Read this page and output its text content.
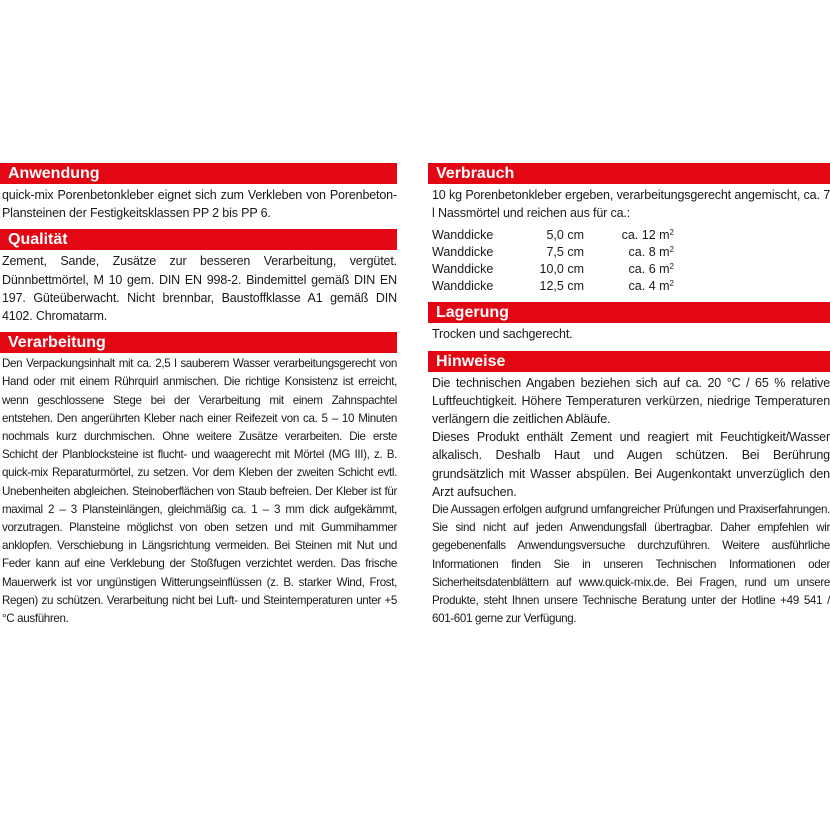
Anwendung

quick-mix Porenbetonkleber eignet sich zum Verkleben von Porenbeton-Plansteinen der Festigkeitsklassen PP 2 bis PP 6.

Qualität

Zement, Sande, Zusätze zur besseren Verarbeitung, vergütet. Dünnbettmörtel, M 10 gem. DIN EN 998-2. Bindemittel gemäß DIN EN 197. Güteüberwacht. Nicht brennbar, Baustoffklasse A1 gemäß DIN 4102. Chromatarm.

Verarbeitung

Den Verpackungsinhalt mit ca. 2,5 l sauberem Wasser verarbeitungsgerecht von Hand oder mit einem Rührquirl anmischen. Die richtige Konsistenz ist erreicht, wenn geschlossene Stege bei der Verarbeitung mit einem Zahnspachtel entstehen. Den angerührten Kleber nach einer Reifezeit von ca. 5 – 10 Minuten nochmals kurz durchmischen. Ohne weitere Zusätze verarbeiten. Die erste Schicht der Planblocksteine ist flucht- und waagerecht mit Mörtel (MG III), z. B. quick-mix Reparaturmörtel, zu setzen. Vor dem Kleben der zweiten Schicht evtl. Unebenheiten abgleichen. Steinoberflächen von Staub befreien. Der Kleber ist für maximal 2 – 3 Plansteinlängen, gleichmäßig ca. 1 – 3 mm dick aufgekämmt, vorzutragen. Plansteine möglichst von oben setzen und mit Gummihammer anklopfen. Verschiebung in Längsrichtung vermeiden. Bei Steinen mit Nut und Feder kann auf eine Verklebung der Stoßfugen verzichtet werden. Das frische Mauerwerk ist vor ungünstigen Witterungseinflüssen (z. B. starker Wind, Frost, Regen) zu schützen. Verarbeitung nicht bei Luft- und Steintemperaturen unter +5 °C ausführen.

Verbrauch

10 kg Porenbetonkleber ergeben, verarbeitungsgerecht angemischt, ca. 7 l Nassmörtel und reichen aus für ca.:

Wanddicke	5,0 cm	ca. 12 $m^2$
Wanddicke	7,5 cm	ca. 8 $m^2$
Wanddicke	10,0 cm	ca. 6 $m^2$
Wanddicke	12,5 cm	ca. 4 $m^2$
Lagerung

Trocken und sachgerecht.

Hinweise

Die technischen Angaben beziehen sich auf ca. 20 °C / 65 % relative Luftfeuchtigkeit. Höhere Temperaturen verkürzen, niedrige Temperaturen verlängern die zeitlichen Abläufe.

Dieses Produkt enthält Zement und reagiert mit Feuchtigkeit/Wasser alkalisch. Deshalb Haut und Augen schützen. Bei Berührung grundsätzlich mit Wasser abspülen. Bei Augenkontakt unverzüglich den Arzt aufsuchen.

Die Aussagen erfolgen aufgrund umfangreicher Prüfungen und Praxiserfahrungen. Sie sind nicht auf jeden Anwendungsfall übertragbar. Daher empfehlen wir gegebenenfalls Anwendungsversuche durchzuführen. Weitere ausführliche Informationen finden Sie in unseren Technischen Informationen oder Sicherheitsdatenblättern auf www.quick-mix.de. Bei Fragen, rund um unsere Produkte, steht Ihnen unsere Technische Beratung unter der Hotline +49 541 / 601-601 gerne zur Verfügung.
